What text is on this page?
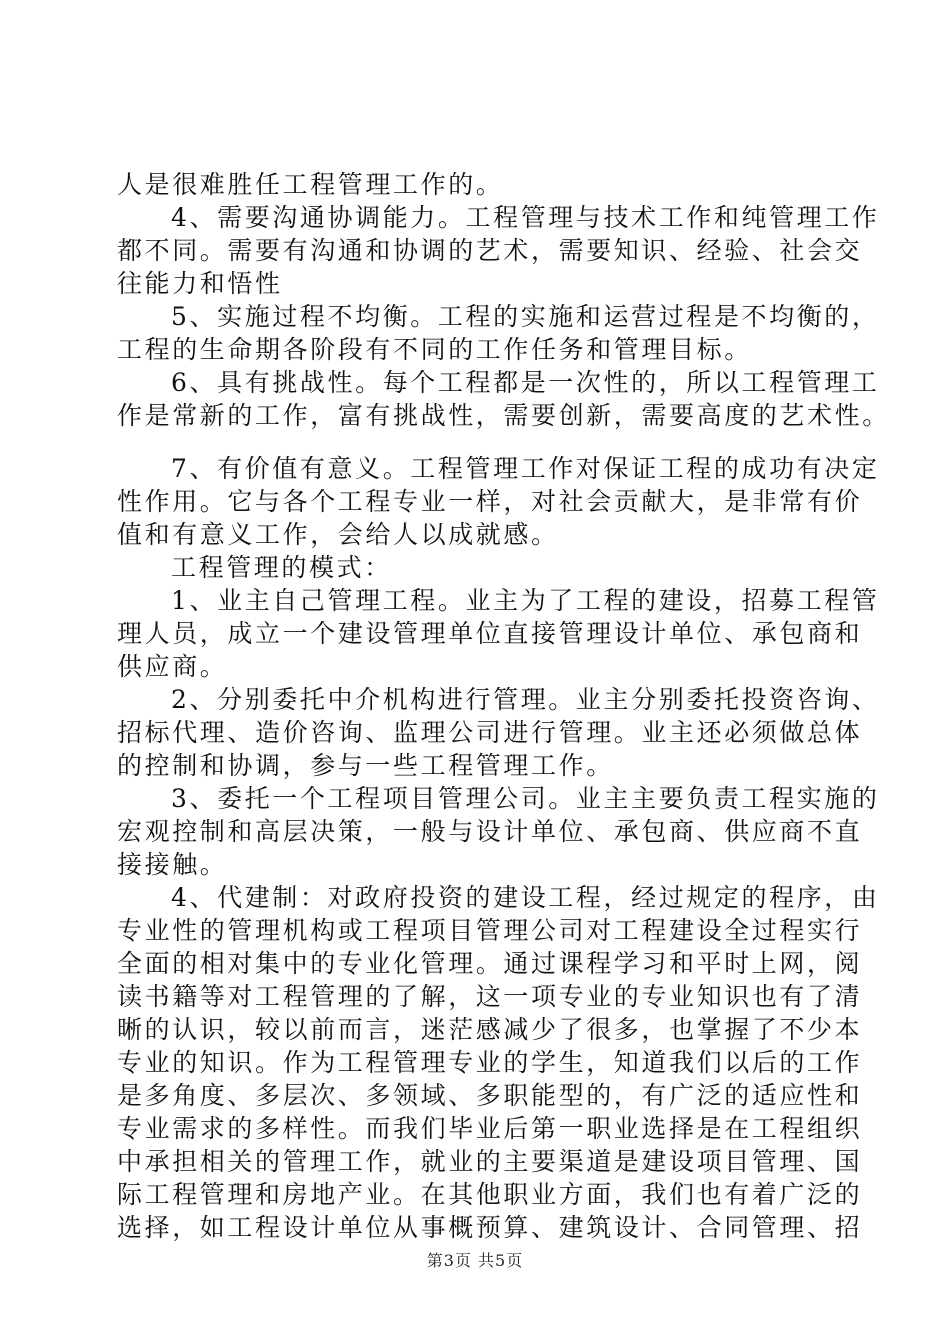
人是很难胜任工程管理工作的。
4、需要沟通协调能力。工程管理与技术工作和纯管理工作
都不同。需要有沟通和协调的艺术，需要知识、经验、社会交
往能力和悟性
5、实施过程不均衡。工程的实施和运营过程是不均衡的，
工程的生命期各阶段有不同的工作任务和管理目标。
6、具有挑战性。每个工程都是一次性的，所以工程管理工
作是常新的工作，富有挑战性，需要创新，需要高度的艺术性。
7、有价值有意义。工程管理工作对保证工程的成功有决定
性作用。它与各个工程专业一样，对社会贡献大，是非常有价
值和有意义工作，会给人以成就感。
工程管理的模式：
1、业主自己管理工程。业主为了工程的建设，招募工程管
理人员，成立一个建设管理单位直接管理设计单位、承包商和
供应商。
2、分别委托中介机构进行管理。业主分别委托投资咨询、
招标代理、造价咨询、监理公司进行管理。业主还必须做总体
的控制和协调，参与一些工程管理工作。
3、委托一个工程项目管理公司。业主主要负责工程实施的
宏观控制和高层决策，一般与设计单位、承包商、供应商不直
接接触。
4、代建制：对政府投资的建设工程，经过规定的程序，由
专业性的管理机构或工程项目管理公司对工程建设全过程实行
全面的相对集中的专业化管理。通过课程学习和平时上网，阅
读书籍等对工程管理的了解，这一项专业的专业知识也有了清
晰的认识，较以前而言，迷茫感减少了很多，也掌握了不少本
专业的知识。作为工程管理专业的学生，知道我们以后的工作
是多角度、多层次、多领域、多职能型的，有广泛的适应性和
专业需求的多样性。而我们毕业后第一职业选择是在工程组织
中承担相关的管理工作，就业的主要渠道是建设项目管理、国
际工程管理和房地产业。在其他职业方面，我们也有着广泛的
选择，如工程设计单位从事概预算、建筑设计、合同管理、招
第3页 共5页
